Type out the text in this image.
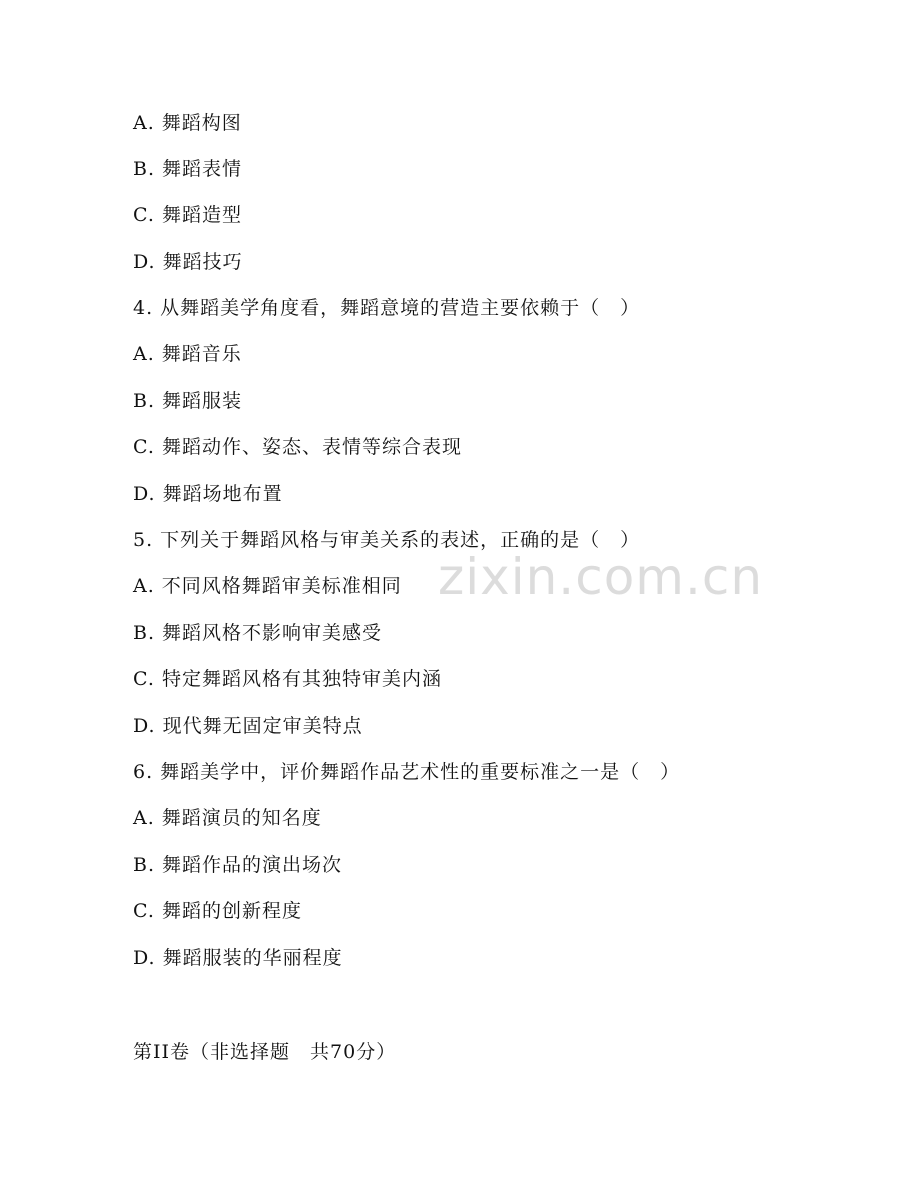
zixin.com.cn
A. 舞蹈构图
B. 舞蹈表情
C. 舞蹈造型
D. 舞蹈技巧
4. 从舞蹈美学角度看，舞蹈意境的营造主要依赖于（　）
A. 舞蹈音乐
B. 舞蹈服装
C. 舞蹈动作、姿态、表情等综合表现
D. 舞蹈场地布置
5. 下列关于舞蹈风格与审美关系的表述，正确的是（　）
A. 不同风格舞蹈审美标准相同
B. 舞蹈风格不影响审美感受
C. 特定舞蹈风格有其独特审美内涵
D. 现代舞无固定审美特点
6. 舞蹈美学中，评价舞蹈作品艺术性的重要标准之一是（　）
A. 舞蹈演员的知名度
B. 舞蹈作品的演出场次
C. 舞蹈的创新程度
D. 舞蹈服装的华丽程度
第II卷（非选择题　共70分）
